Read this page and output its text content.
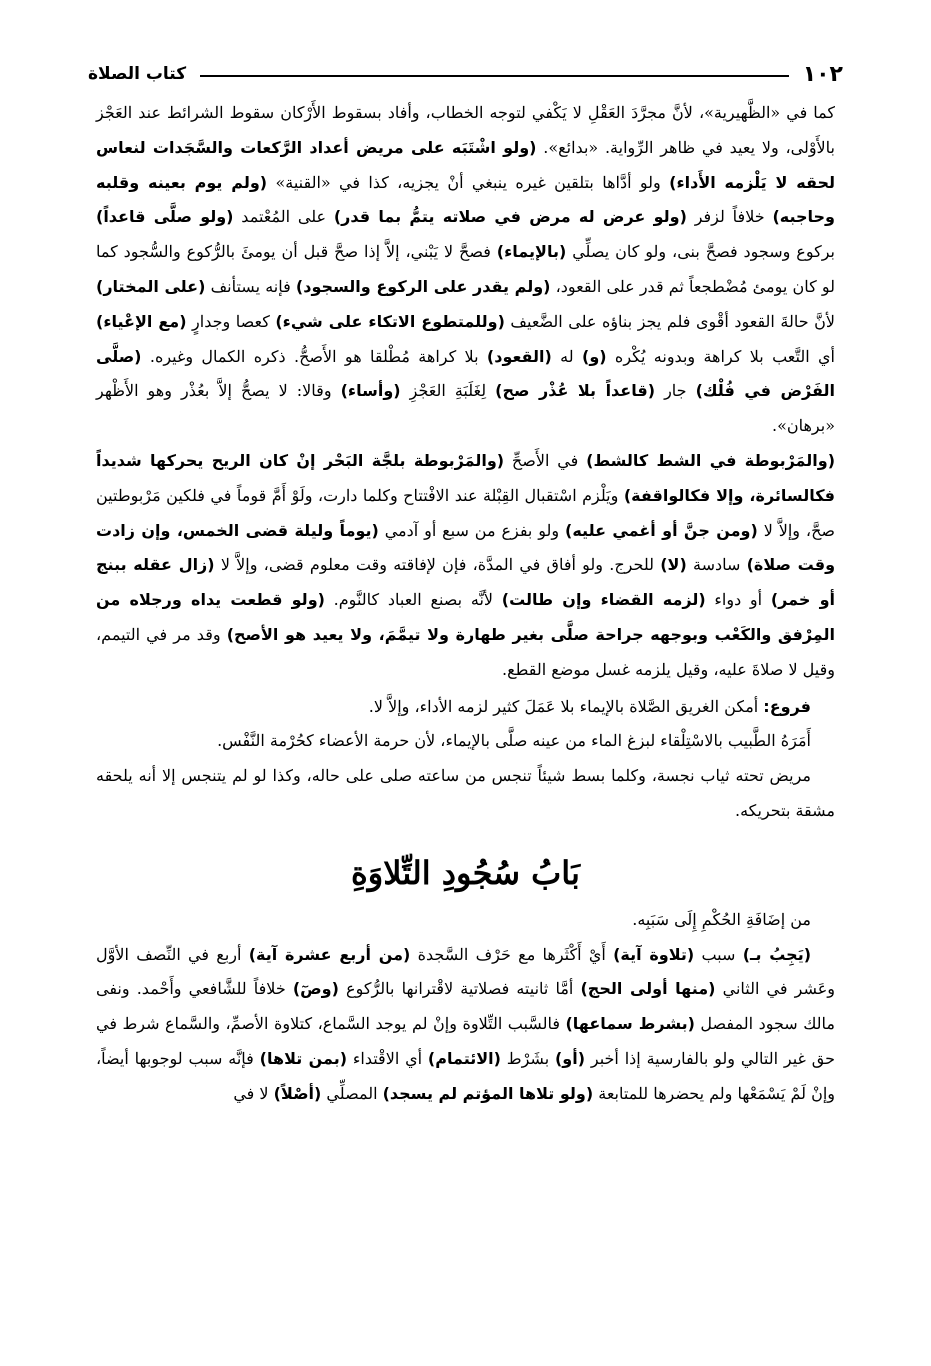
١٠٢
كتاب الصلاة

كما في «الظَّهيرية»، لأنَّ مجرَّدَ العَقْلِ لا يَكْفي لتوجه الخطاب، وأفاد بسقوط الأَرْكان سقوط الشرائط عند العَجْز بالأَوْلى، ولا يعيد في ظاهر الرِّواية. «بدائع». (ولو اشْتَبَه على مريض أعداد الرَّكعات والسَّجَدات لنعاس لحقه لا يَلْزمه الأَداء) ولو أدَّاها بتلقين غيره ينبغي أنْ يجزيه، كذا في «القنية» (ولم يوم بعينه وقلبه وحاجبه) خلافاً لزفر (ولو عرض له مرض في صلاته يتمُّ بما قدر) على المُعْتمد (ولو صلَّى قاعداً) بركوع وسجود فصحَّ بنى، ولو كان يصلِّي (بالإيماء) فصحَّ لا يَبْني، إلاَّ إذا صحَّ قبل أن يومئَ بالرُّكوع والسُّجود كما لو كان يومئ مُضْطجعاً ثم قدر على القعود، (ولم يقدر على الركوع والسجود) فإنه يستأنف (على المختار) لأنَّ حالةَ القعود أقْوى فلم يجز بناؤه على الضَّعيف (وللمتطوع الاتكاء على شيء) كعصا وجدارٍ (مع الإعْياء) أي التَّعب بلا كراهة وبدونه يُكْره (و) له (القعود) بلا كراهة مُطْلقا هو الأَصحُّ. ذكره الكمال وغيره. (صلَّى الفَرْض في فُلْك) جار (قاعداً بلا عُذْر صح) لِغَلَبَةِ العَجْزِ (وأساء) وقالا: لا يصحُّ إلاَّ بعُذْر وهو الأَظْهر «برهان».

(والمَرْبوطة في الشط كالشط) في الأَصحِّ (والمَرْبوطة بلجَّة البَحْر إنْ كان الريح يحركها شديداً فكالسائرة، وإلا فكالواقفة) ويَلْزم اسْتقبال القِبْلة عند الافْتتاح وكلما دارت، ولَوْ أَمَّ قوماً في فلكين مَرْبوطتين صحَّ، وإلاَّ لا (ومن جنَّ أو أغمي عليه) ولو بفزع من سبع أو آدمي (يوماً وليلة قضى الخمس، وإن زادت وقت صلاة) سادسة (لا) للحرج. ولو أفاق في المدَّة، فإن لإفاقته وقت معلوم قضى، وإلاَّ لا (زال عقله ببنج أو خمر) أو دواء (لزمه القضاء وإن طالت) لأنَّه بصنع العباد كالنَّوم. (ولو قطعت يداه ورجلاه من المِرْفق والكَعْب وبوجهه جراحة صلَّى بغير طهارة ولا تيمَّمَ، ولا يعيد هو الأصح) وقد مر في التيمم، وقيل لا صلاةَ عليه، وقيل يلزمه غسل موضع القطع.

فروع: أمكن الغريق الصَّلاة بالإيماء بلا عَمَلَ كثير لزمه الأداء، وإلاَّ لا.

أَمَرَهُ الطَّبيب بالاسْتِلْقاء لبزغ الماء من عينه صلَّى بالإيماء، لأن حرمة الأعضاء كحُرْمة النَّفْس.

مريض تحته ثياب نجسة، وكلما بسط شيئاً تنجس من ساعته صلى على حاله، وكذا لو لم يتنجس إلا أنه يلحقه مشقة بتحريكه.

بَابُ سُجُودِ التِّلاوَةِ

من إضَافَةِ الحُكْمِ إِلَى سَبَبِه.

(يَجِبُ بـ) سبب (تلاوة آية) أَيْ أَكْثَرها مع حَرْف السَّجدة (من أربع عشرة آية) أربع في النِّصف الأوَّل وعَشر في الثاني (منها أولى الحج) أمَّا ثانيته فصلاتية لاقْترانها بالرُّكوع (وصٓ) خلافاً للشَّافعي وأَحْمد. ونفى مالك سجود المفصل (بشرط سماعها) فالسَّبب التِّلاوة وإنْ لم يوجد السَّماع، كتلاوة الأصمِّ، والسَّماع شرط في حق غير التالي ولو بالفارسية إذا أخبر (أو) بشَرْط (الائتمام) أي الاقْتداء (بمن تلاها) فإنَّه سبب لوجوبها أيضاً، وإنْ لَمْ يَسْمَعْها ولم يحضرها للمتابعة (ولو تلاها المؤتم لم يسجد) المصلِّي (أصْلاً) لا في
